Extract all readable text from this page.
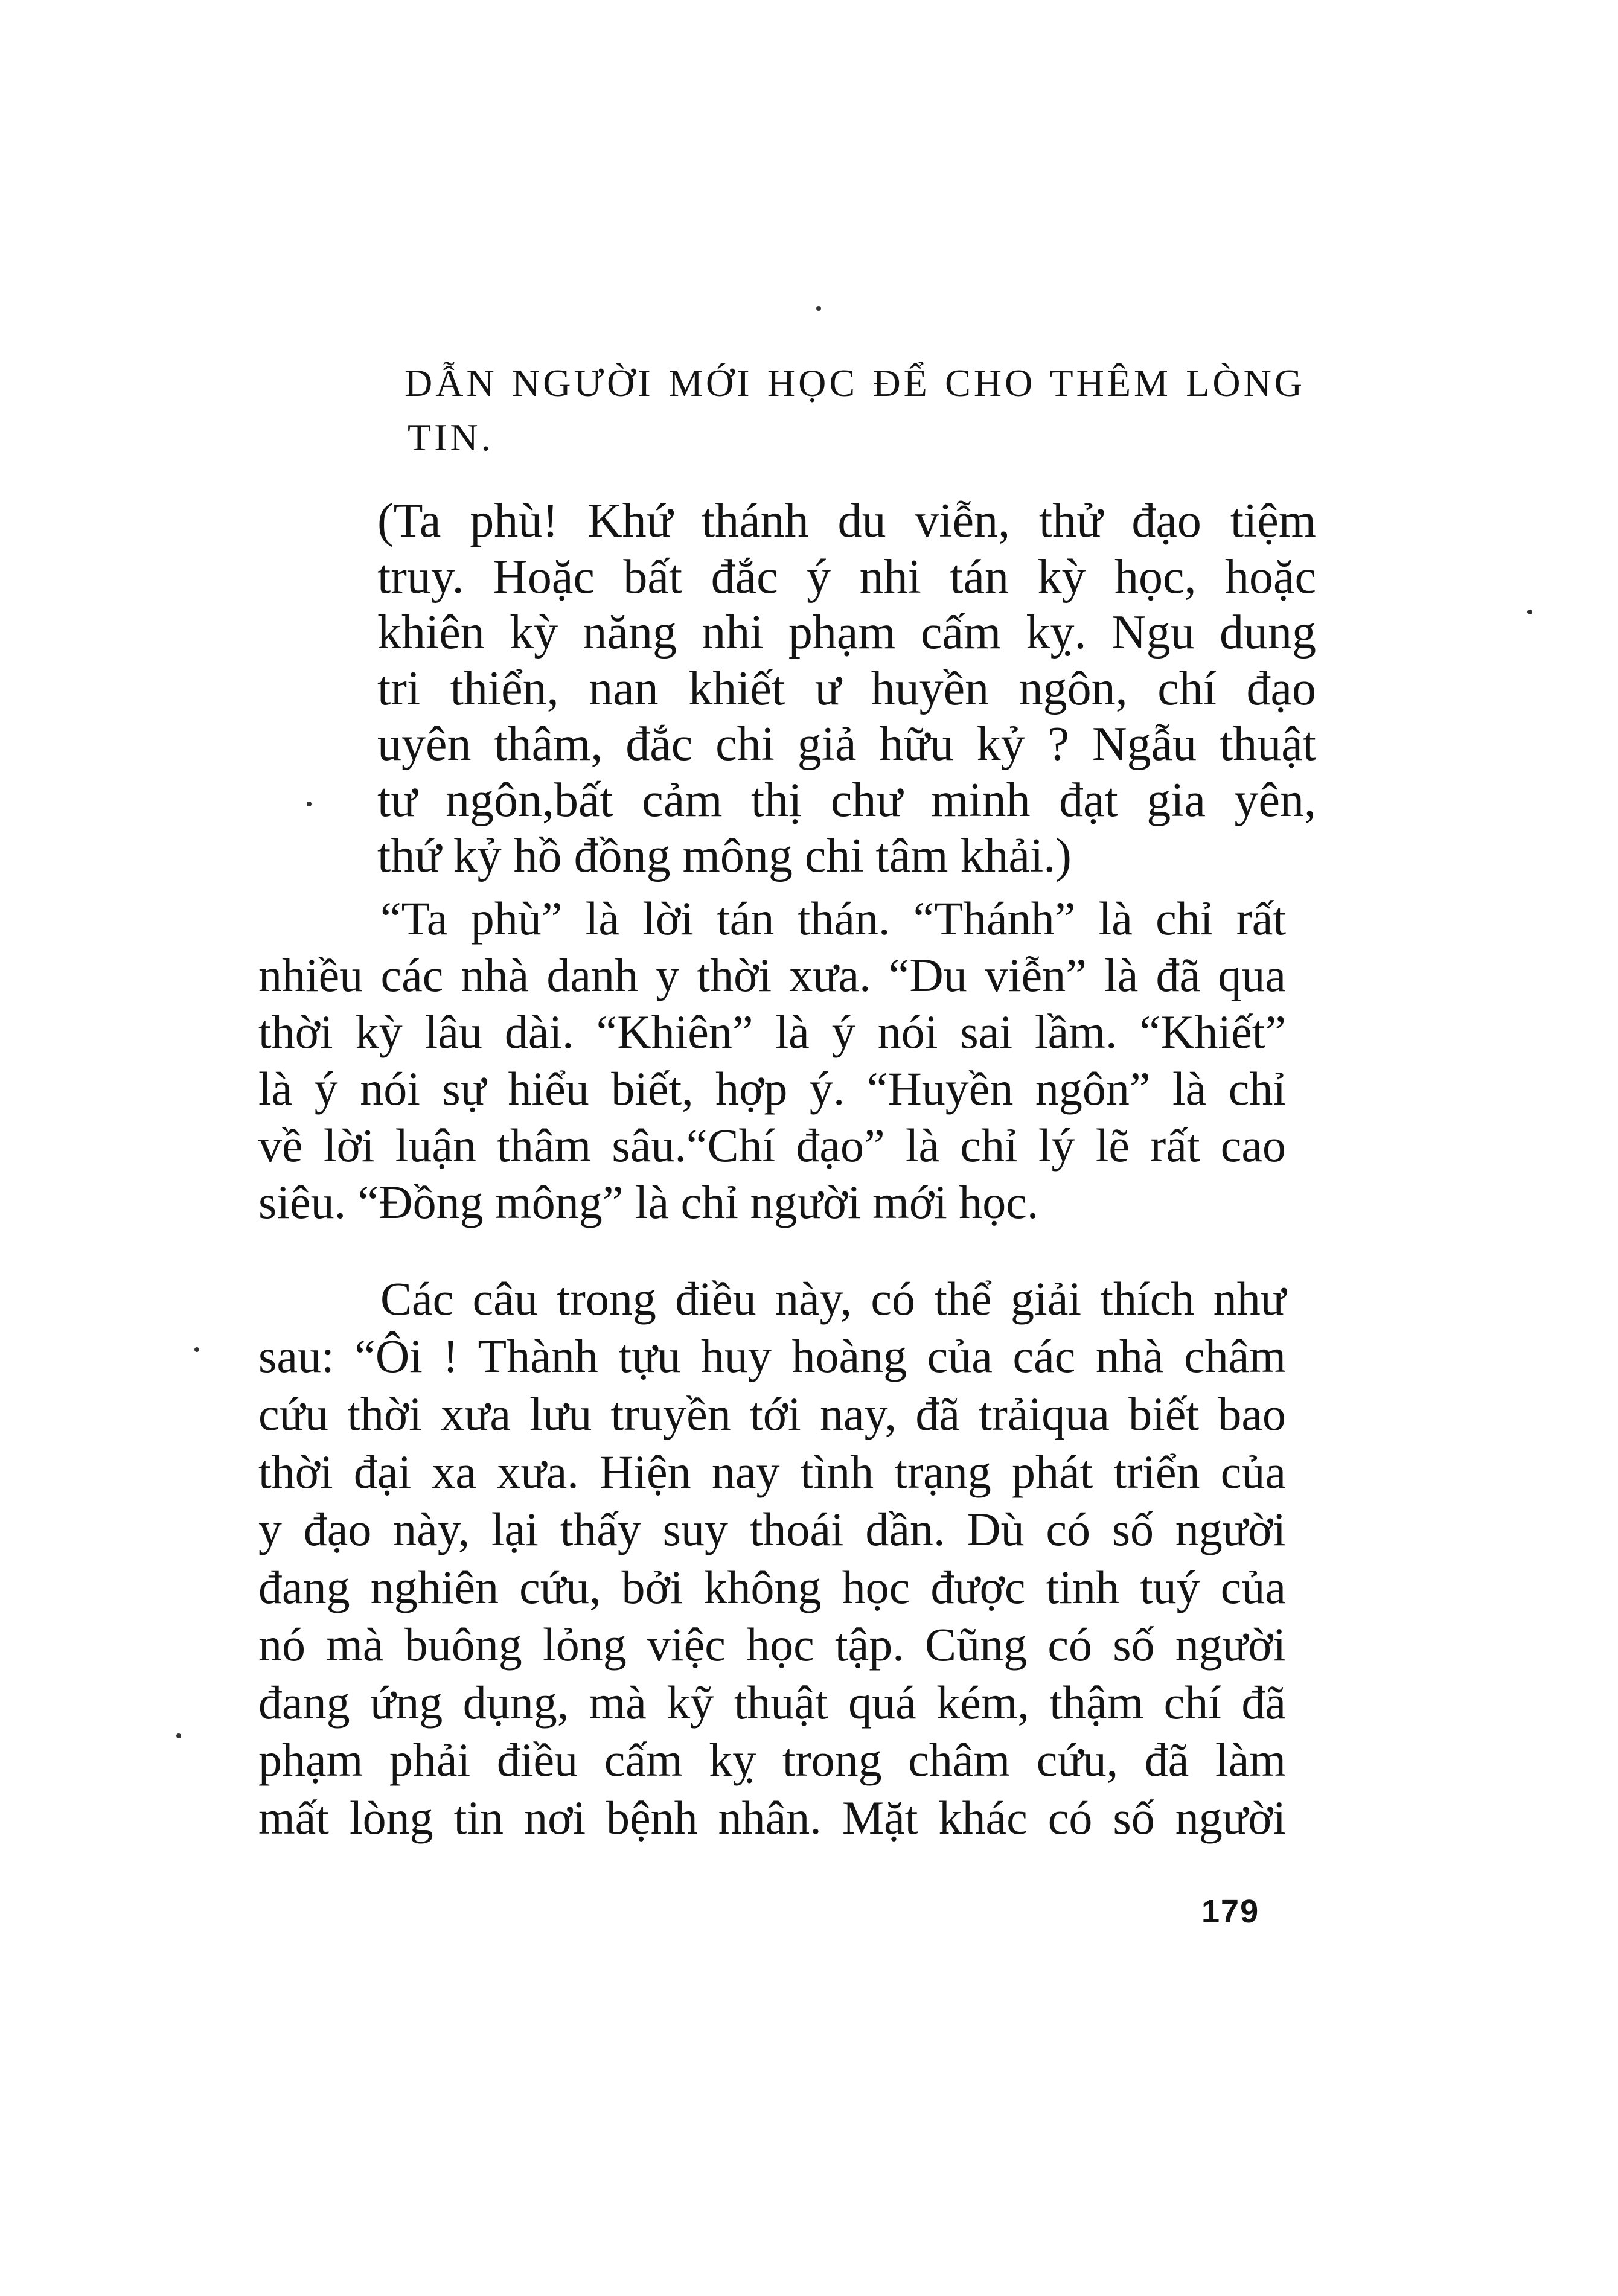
DẪN NGƯỜI MỚI HỌC ĐỂ CHO THÊM LÒNG
TIN.
(Ta phù! Khứ thánh du viễn, thử đạo tiệm
truy. Hoặc bất đắc ý nhi tán kỳ học, hoặc
khiên kỳ năng nhi phạm cấm kỵ. Ngu dung
tri thiển, nan khiết ư huyền ngôn, chí đạo
uyên thâm, đắc chi giả hữu kỷ ? Ngẫu thuật
tư ngôn,bất cảm thị chư minh đạt gia yên,
thứ kỷ hồ đồng mông chi tâm khải.)
“Ta phù” là lời tán thán. “Thánh” là chỉ rất
nhiều các nhà danh y thời xưa. “Du viễn” là đã qua
thời kỳ lâu dài. “Khiên” là ý nói sai lầm. “Khiết”
là ý nói sự hiểu biết, hợp ý. “Huyền ngôn” là chỉ
về lời luận thâm sâu.“Chí đạo” là chỉ lý lẽ rất cao
siêu. “Đồng mông” là chỉ người mới học.
Các câu trong điều này, có thể giải thích như
sau: “Ôi ! Thành tựu huy hoàng của các nhà châm
cứu thời xưa lưu truyền tới nay, đã trảiqua biết bao
thời đại xa xưa. Hiện nay tình trạng phát triển của
y đạo này, lại thấy suy thoái dần. Dù có số người
đang nghiên cứu, bởi không học được tinh tuý của
nó mà buông lỏng việc học tập. Cũng có số người
đang ứng dụng, mà kỹ thuật quá kém, thậm chí đã
phạm phải điều cấm kỵ trong châm cứu, đã làm
mất lòng tin nơi bệnh nhân. Mặt khác có số người
179
